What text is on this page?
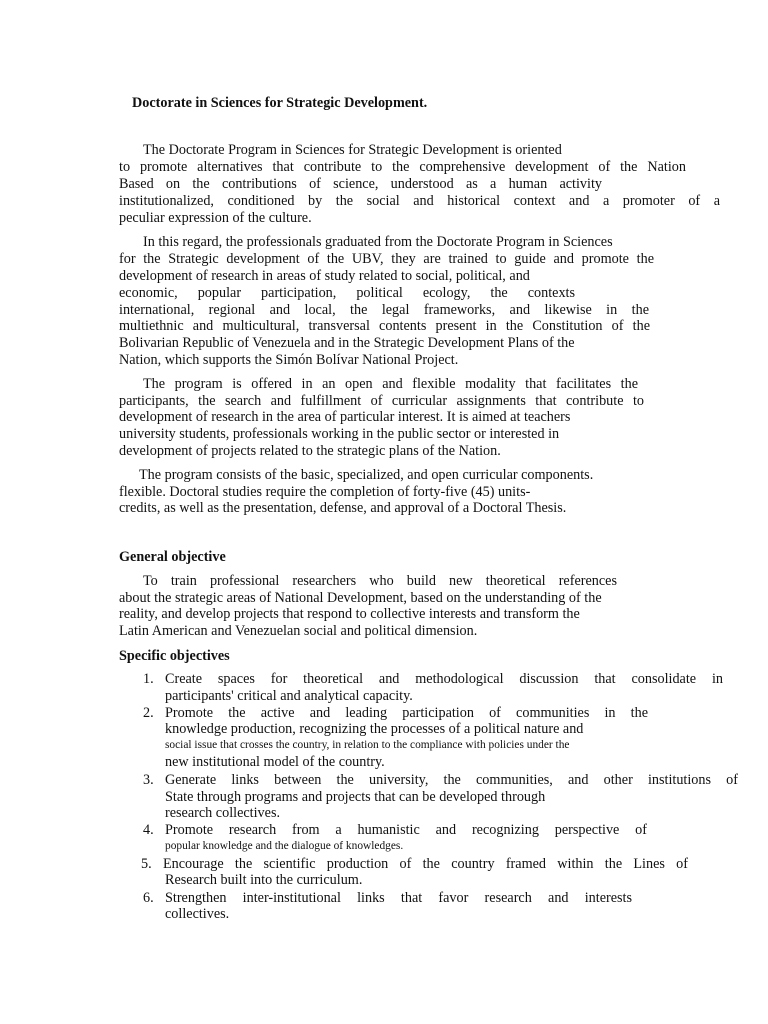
Doctorate in Sciences for Strategic Development.
The Doctorate Program in Sciences for Strategic Development is oriented
to promote alternatives that contribute to the comprehensive development of the Nation
Based on the contributions of science, understood as a human activity
institutionalized, conditioned by the social and historical context and a promoter of a
peculiar expression of the culture.
In this regard, the professionals graduated from the Doctorate Program in Sciences
for the Strategic development of the UBV, they are trained to guide and promote the
development of research in areas of study related to social, political, and
economic, popular participation, political ecology, the contexts
international, regional and local, the legal frameworks, and likewise in the
multiethnic and multicultural, transversal contents present in the Constitution of the
Bolivarian Republic of Venezuela and in the Strategic Development Plans of the
Nation, which supports the Simón Bolívar National Project.
The program is offered in an open and flexible modality that facilitates the
participants, the search and fulfillment of curricular assignments that contribute to
development of research in the area of particular interest. It is aimed at teachers
university students, professionals working in the public sector or interested in
development of projects related to the strategic plans of the Nation.
The program consists of the basic, specialized, and open curricular components.
flexible. Doctoral studies require the completion of forty-five (45) units-
credits, as well as the presentation, defense, and approval of a Doctoral Thesis.
General objective
To train professional researchers who build new theoretical references
about the strategic areas of National Development, based on the understanding of the
reality, and develop projects that respond to collective interests and transform the
Latin American and Venezuelan social and political dimension.
Specific objectives
1. Create spaces for theoretical and methodological discussion that consolidate in
participants' critical and analytical capacity.
2. Promote the active and leading participation of communities in the
knowledge production, recognizing the processes of a political nature and
social issue that crosses the country, in relation to the compliance with policies under the
new institutional model of the country.
3. Generate links between the university, the communities, and other institutions of
State through programs and projects that can be developed through
research collectives.
4. Promote research from a humanistic and recognizing perspective of
popular knowledge and the dialogue of knowledges.
5. Encourage the scientific production of the country framed within the Lines of
Research built into the curriculum.
6. Strengthen inter-institutional links that favor research and interests
collectives.
